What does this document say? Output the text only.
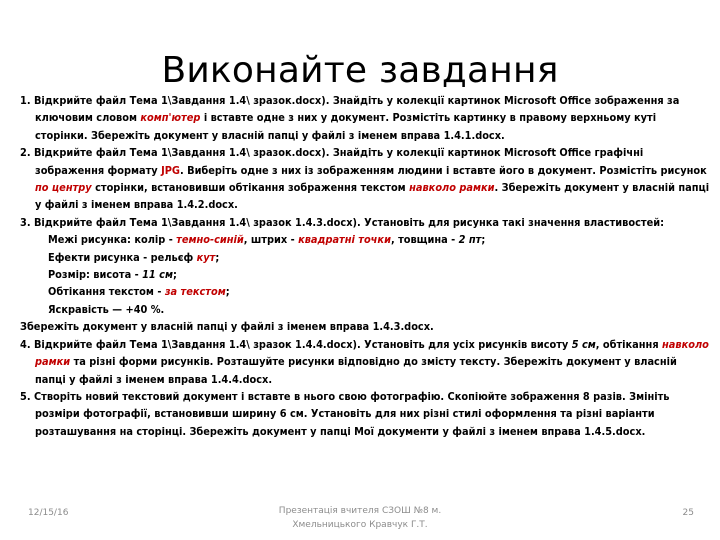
Виконайте завдання

1. Відкрийте файл Тема 1\Завдання 1.4\ зразок.docx). Знайдіть у колекції картинок Microsoft Office зображення за ключовим словом комп'ютер і вставте одне з них у документ. Розмістіть картинку в правому верхньому куті сторінки. Збережіть документ у власній папці у файлі з іменем вправа 1.4.1.docx.

2. Відкрийте файл Тема 1\Завдання 1.4\ зразок.docx). Знайдіть у колекції картинок Microsoft Office графічні зображення формату JPG. Виберіть одне з них із зображенням людини і вставте його в документ. Розмістіть рисунок по центру сторінки, встановивши обтікання зображення текстом навколо рамки. Збережіть документ у власній папці у файлі з іменем вправа 1.4.2.docx.

3. Відкрийте файл Тема 1\Завдання 1.4\ зразок 1.4.3.docx). Установіть для рисунка такі значення властивостей:

Межі рисунка: колір - темно-синій, штрих - квадратні точки, товщина - 2 пт;

Ефекти рисунка - рельєф кут;

Розмір: висота - 11 см;

Обтікання текстом - за текстом;

Яскравість — +40 %.

Збережіть документ у власній папці у файлі з іменем вправа 1.4.3.docx.

4. Відкрийте файл Тема 1\Завдання 1.4\ зразок 1.4.4.docx). Установіть для усіх рисунків висоту 5 см, обтікання навколо рамки та різні форми рисунків. Розташуйте рисунки відповідно до змісту тексту. Збережіть документ у власній папці у файлі з іменем вправа 1.4.4.docx.

5. Створіть новий текстовий документ і вставте в нього свою фотографію. Скопіюйте зображення 8 разів. Змініть розміри фотографії, встановивши ширину 6 см. Установіть для них різні стилі оформлення та різні варіанти розташування на сторінці. Збережіть документ у папці Мої документи у файлі з іменем вправа 1.4.5.docx.

12/15/16	Презентація вчителя СЗОШ №8 м.
Хмельницького Кравчук Г.Т.
25
